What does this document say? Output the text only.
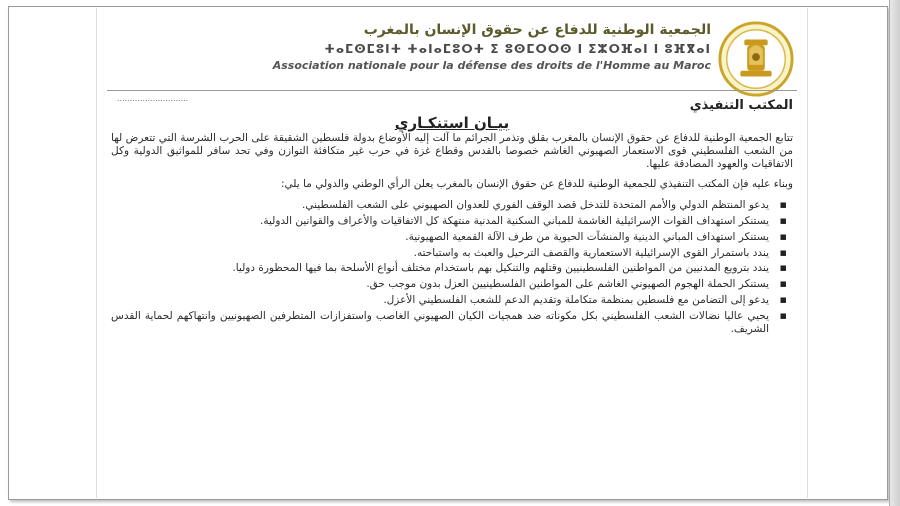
الجمعية الوطنية للدفاع عن حقوق الإنسان بالمغرب
ⵜⴰⵎⵙⵎⵓⵏⵜ ⵜⴰⵏⴰⵎⵓⵔⵜ ⵉ ⵓⵙⵎⵔⵔⵙ ⵏ ⵉⵣⵔⴼⴰⵏ ⵏ ⵓⴼⴳⴰⵏ
Association nationale pour la défense des droits de l'Homme au Maroc
............................	المكتب التنفيذي
بيـان استنكـاري

تتابع الجمعية الوطنية للدفاع عن حقوق الإنسان بالمغرب بقلق وتذمر الجرائم ما آلت إليه الأوضاع بدولة فلسطين الشقيقة على الحرب الشرسة التي تتعرض لها من الشعب الفلسطيني قوى الاستعمار الصهيوني الغاشم خصوصا بالقدس وقطاع غزة في حرب غير متكافئة التوازن وفي تحد سافر للمواثيق الدولية وكل الاتفاقيات والعهود المصادقة عليها.

وبناء عليه فإن المكتب التنفيذي للجمعية الوطنية للدفاع عن حقوق الإنسان بالمغرب يعلن الرأي الوطني والدولي ما يلي:

▪ يدعو المنتظم الدولي والأمم المتحدة للتدخل قصد الوقف الفوري للعدوان الصهيوني على الشعب الفلسطيني.
▪ يستنكر استهداف القوات الإسرائيلية الغاشمة للمباني السكنية المدنية منتهكة كل الاتفاقيات والأعراف والقوانين الدولية.
▪ يستنكر استهداف المباني الدينية والمنشآت الحيوية من طرف الآلة القمعية الصهيونية.
▪ يندد باستمرار القوى الإسرائيلية الاستعمارية والقصف الترحيل والعبث به واستباحته.
▪ يندد بترويع المدنيين من المواطنين الفلسطينيين وقتلهم والتنكيل بهم باستخدام مختلف أنواع الأسلحة بما فيها المحظورة دوليا.
▪ يستنكر الحملة الهجوم الصهيوني الغاشم على المواطنين الفلسطينيين العزل بدون موجب حق.
▪ يدعو إلى التضامن مع فلسطين بمنظمة متكاملة وتقديم الدعم للشعب الفلسطيني الأعزل.
▪ يحيي عاليا نضالات الشعب الفلسطيني بكل مكوناته ضد همجيات الكيان الصهيوني الغاصب واستفزازات المتطرفين الصهيونيين وانتهاكهم لحماية القدس الشريف.
